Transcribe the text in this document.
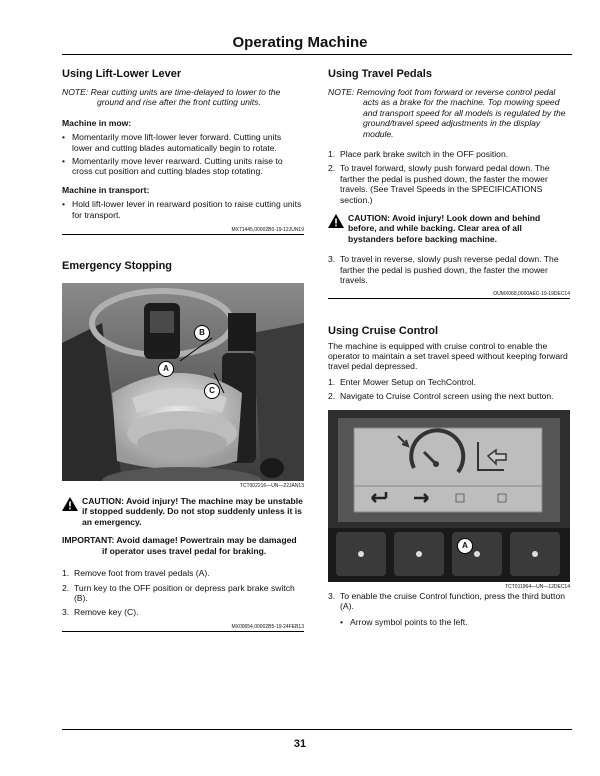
Operating Machine
Using Lift-Lower Lever

NOTE: Rear cutting units are time-delayed to lower to the ground and rise after the front cutting units.

Machine in mow:

• Momentarily move lift-lower lever forward. Cutting units lower and cutting blades automatically begin to rotate.
• Momentarily move lever rearward. Cutting units raise to cross cut position and cutting blades stop rotating.

Machine in transport:

• Hold lift-lower lever in rearward position to raise cutting units for transport.
MX71445,00002B0-19-12JUN19
Emergency Stopping
B
A
C
TCT002216—UN—22JAN13
CAUTION: Avoid injury! The machine may be unstable if stopped suddenly. Do not stop suddenly unless it is an emergency.

IMPORTANT: Avoid damage! Powertrain may be damaged if operator uses travel pedal for braking.

1. Remove foot from travel pedals (A).
2. Turn key to the OFF position or depress park brake switch (B).
3. Remove key (C).
MX00654,00002B5-19-24FEB13
Using Travel Pedals

NOTE: Removing foot from forward or reverse control pedal acts as a brake for the machine. Top mowing speed and transport speed for all models is regulated by the ground/travel speed adjustments in the display module.

1. Place park brake switch in the OFF position.
2. To travel forward, slowly push forward pedal down. The farther the pedal is pushed down, the faster the mower travels. (See Travel Speeds in the SPECIFICATIONS section.)
CAUTION: Avoid injury! Look down and behind before, and while backing. Clear area of all bystanders before backing machine.
3. To travel in reverse, slowly push reverse pedal down. The farther the pedal is pushed down, the faster the mower travels.
OUMX068,0000AEC-19-19DEC14
Using Cruise Control

The machine is equipped with cruise control to enable the operator to maintain a set travel speed without keeping forward travel pedal depressed.

1. Enter Mower Setup on TechControl.
2. Navigate to Cruise Control screen using the next button.
A
TCT011964—UN—12DEC14
3. To enable the cruise Control function, press the third button (A).
• Arrow symbol points to the left.
31
